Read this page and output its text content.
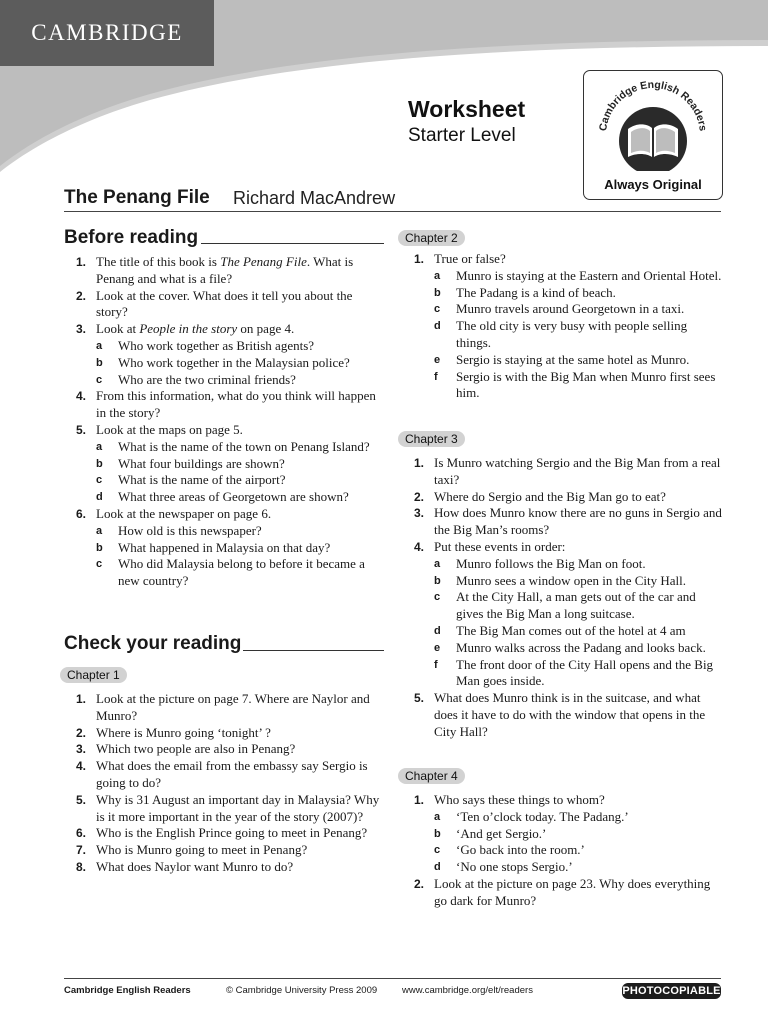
CAMBRIDGE
Worksheet
Starter Level	Cambridge English Readers
Always Original
The Penang File Richard MacAndrew
Before reading
1. The title of this book is The Penang File. What is Penang and what is a file?
2. Look at the cover. What does it tell you about the story?
3. Look at People in the story on page 4.
a Who work together as British agents?
b Who work together in the Malaysian police?
c Who are the two criminal friends?
4. From this information, what do you think will happen in the story?
5. Look at the maps on page 5.
a What is the name of the town on Penang Island?
b What four buildings are shown?
c What is the name of the airport?
d What three areas of Georgetown are shown?
6. Look at the newspaper on page 6.
a How old is this newspaper?
b What happened in Malaysia on that day?
c Who did Malaysia belong to before it became a new country?
Check your reading
Chapter 1
1. Look at the picture on page 7. Where are Naylor and Munro?
2. Where is Munro going ‘tonight’ ?
3. Which two people are also in Penang?
4. What does the email from the embassy say Sergio is going to do?
5. Why is 31 August an important day in Malaysia? Why is it more important in the year of the story (2007)?
6. Who is the English Prince going to meet in Penang?
7. Who is Munro going to meet in Penang?
8. What does Naylor want Munro to do?
Chapter 2
1. True or false?
a Munro is staying at the Eastern and Oriental Hotel.
b The Padang is a kind of beach.
c Munro travels around Georgetown in a taxi.
d The old city is very busy with people selling things.
e Sergio is staying at the same hotel as Munro.
f Sergio is with the Big Man when Munro first sees him.
Chapter 3
1. Is Munro watching Sergio and the Big Man from a real taxi?
2. Where do Sergio and the Big Man go to eat?
3. How does Munro know there are no guns in Sergio and the Big Man’s rooms?
4. Put these events in order:
a Munro follows the Big Man on foot.
b Munro sees a window open in the City Hall.
c At the City Hall, a man gets out of the car and gives the Big Man a long suitcase.
d The Big Man comes out of the hotel at 4 am
e Munro walks across the Padang and looks back.
f The front door of the City Hall opens and the Big Man goes inside.
5. What does Munro think is in the suitcase, and what does it have to do with the window that opens in the City Hall?
Chapter 4
1. Who says these things to whom?
a ‘Ten o’clock today. The Padang.’
b ‘And get Sergio.’
c ‘Go back into the room.’
d ‘No one stops Sergio.’
2. Look at the picture on page 23. Why does everything go dark for Munro?
Cambridge English Readers	© Cambridge University Press 2009	www.cambridge.org/elt/readers	PHOTOCOPIABLE
